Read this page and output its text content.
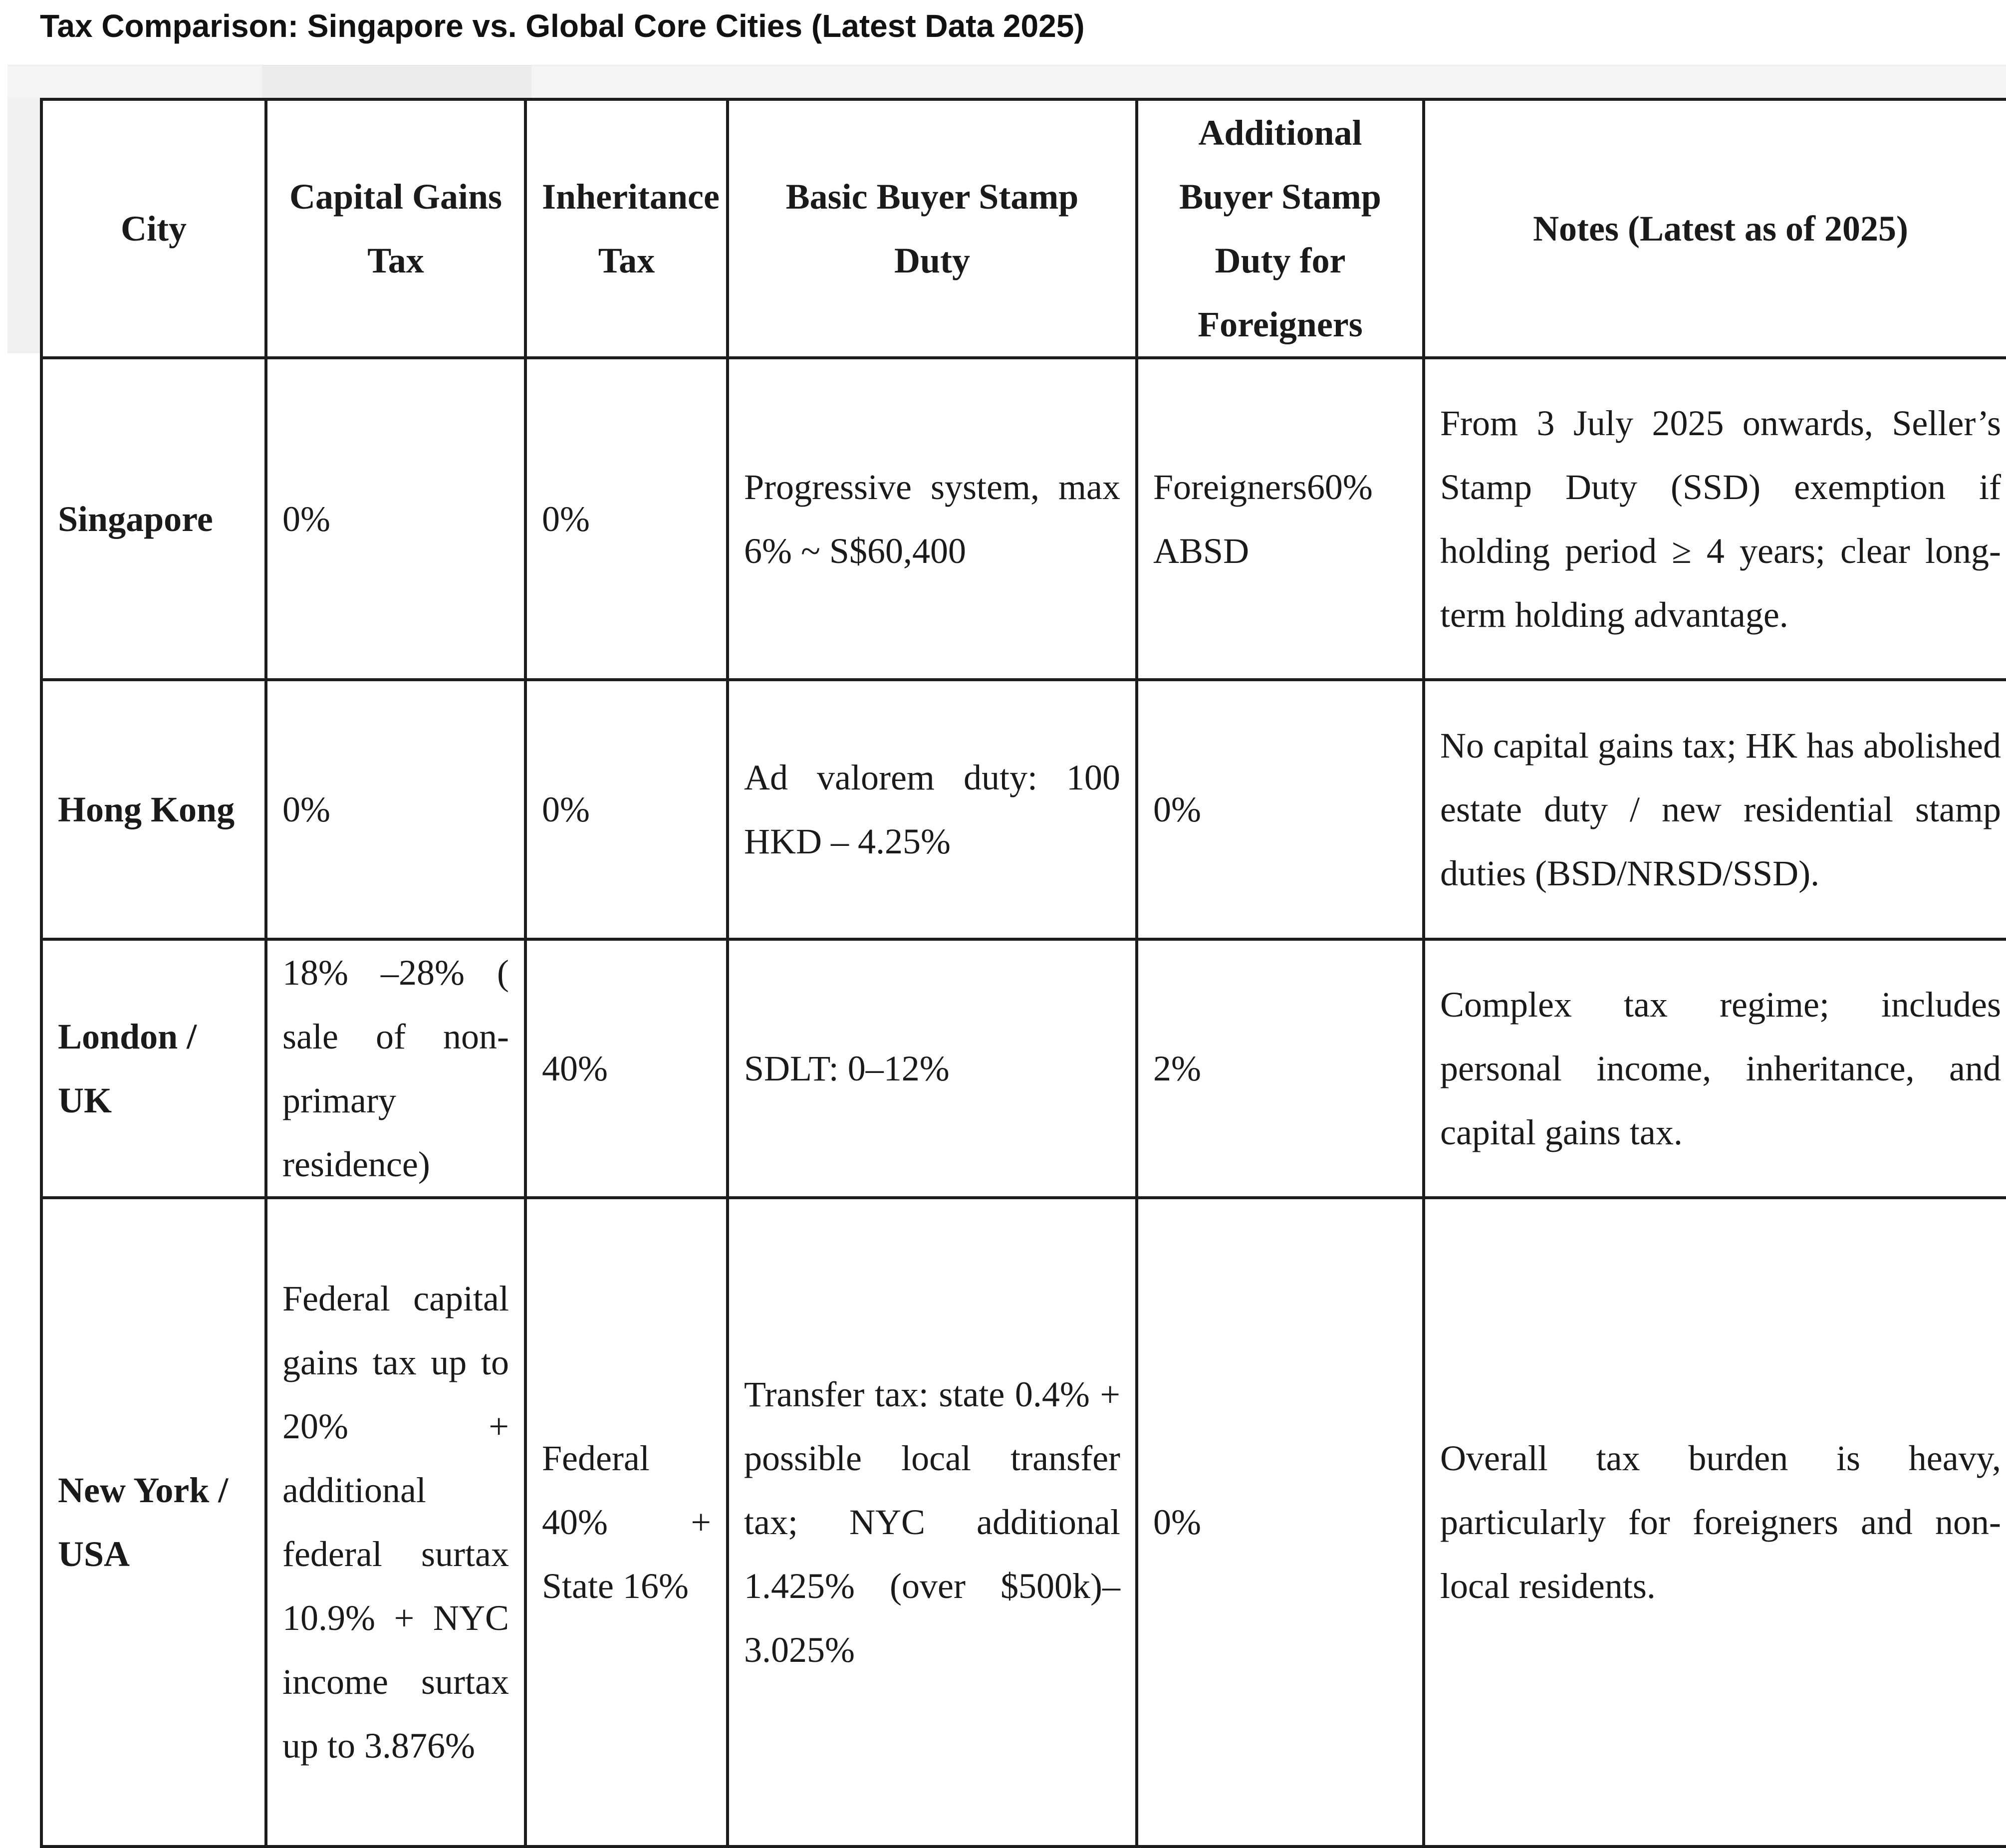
Tax Comparison: Singapore vs. Global Core Cities (Latest Data 2025)
City	Capital Gains Tax	Inheritance Tax	Basic Buyer Stamp Duty	Additional Buyer Stamp Duty for Foreigners	Notes (Latest as of 2025)
Singapore	0%	0%	Progressive system, max 6% ~ S$60,400	Foreigners60% ABSD	From 3 July 2025 onwards, Seller’s Stamp Duty (SSD) exemption if holding period ≥ 4 years; clear long-term holding advantage.
Hong Kong	0%	0%	Ad valorem duty: 100 HKD – 4.25%	0%	No capital gains tax; HK has abolished estate duty / new residential stamp duties (BSD/NRSD/SSD).
London / UK	18% –28% ( sale of non-primary residence)	40%	SDLT: 0–12%	2%	Complex tax regime; includes personal income, inheritance, and capital gains tax.
New York / USA	Federal capital gains tax up to 20% + additional federal surtax 10.9% + NYC income surtax up to 3.876%	Federal 40% + State 16%	Transfer tax: state 0.4% + possible local transfer tax; NYC additional 1.425% (over $500k)–3.025%	0%	Overall tax burden is heavy, particularly for foreigners and non-local residents.
